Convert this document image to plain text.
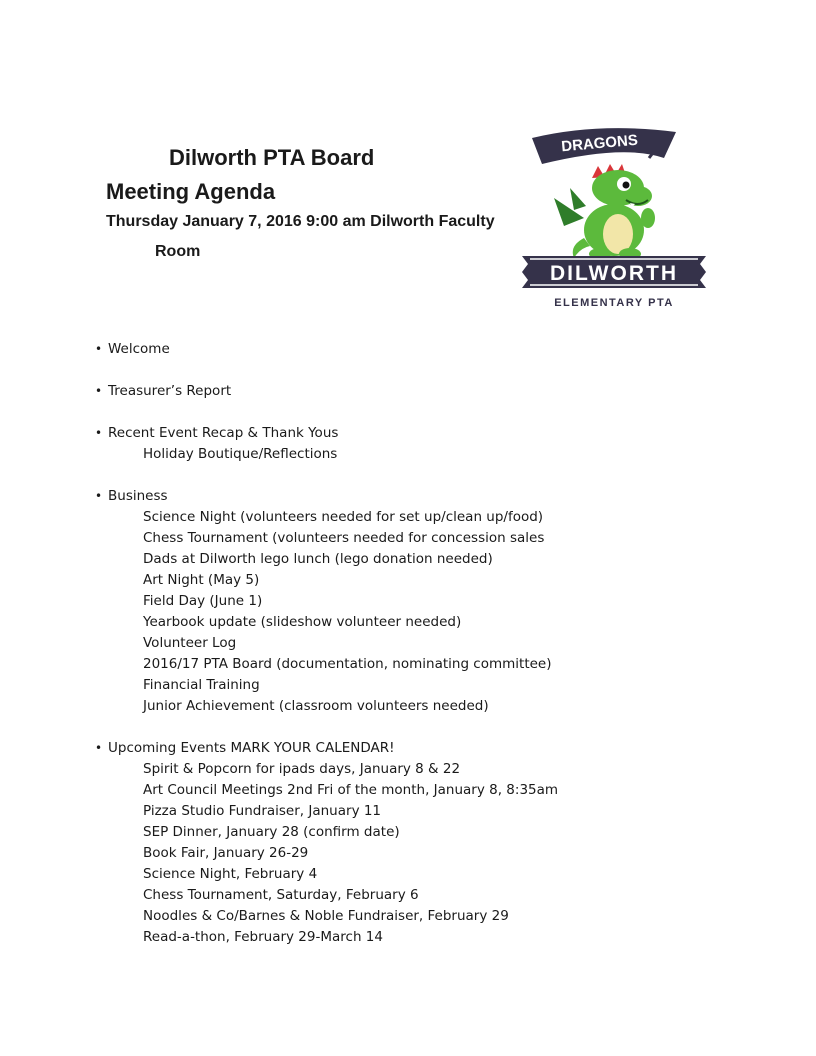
Dilworth PTA Board
Meeting Agenda
Thursday January 7, 2016 9:00 am Dilworth Faculty
Room
DRAGONS
DILWORTH
ELEMENTARY PTA
• Welcome
• Treasurer’s Report
• Recent Event Recap & Thank Yous
Holiday Boutique/Reflections
• Business
Science Night (volunteers needed for set up/clean up/food)
Chess Tournament (volunteers needed for concession sales
Dads at Dilworth lego lunch (lego donation needed)
Art Night (May 5)
Field Day (June 1)
Yearbook update (slideshow volunteer needed)
Volunteer Log
2016/17 PTA Board (documentation, nominating committee)
Financial Training
Junior Achievement (classroom volunteers needed)
• Upcoming Events MARK YOUR CALENDAR!
Spirit & Popcorn for ipads days, January 8 & 22
Art Council Meetings 2nd Fri of the month, January 8, 8:35am
Pizza Studio Fundraiser, January 11
SEP Dinner, January 28 (confirm date)
Book Fair, January 26-29
Science Night, February 4
Chess Tournament, Saturday, February 6
Noodles & Co/Barnes & Noble Fundraiser, February 29
Read-a-thon, February 29-March 14
